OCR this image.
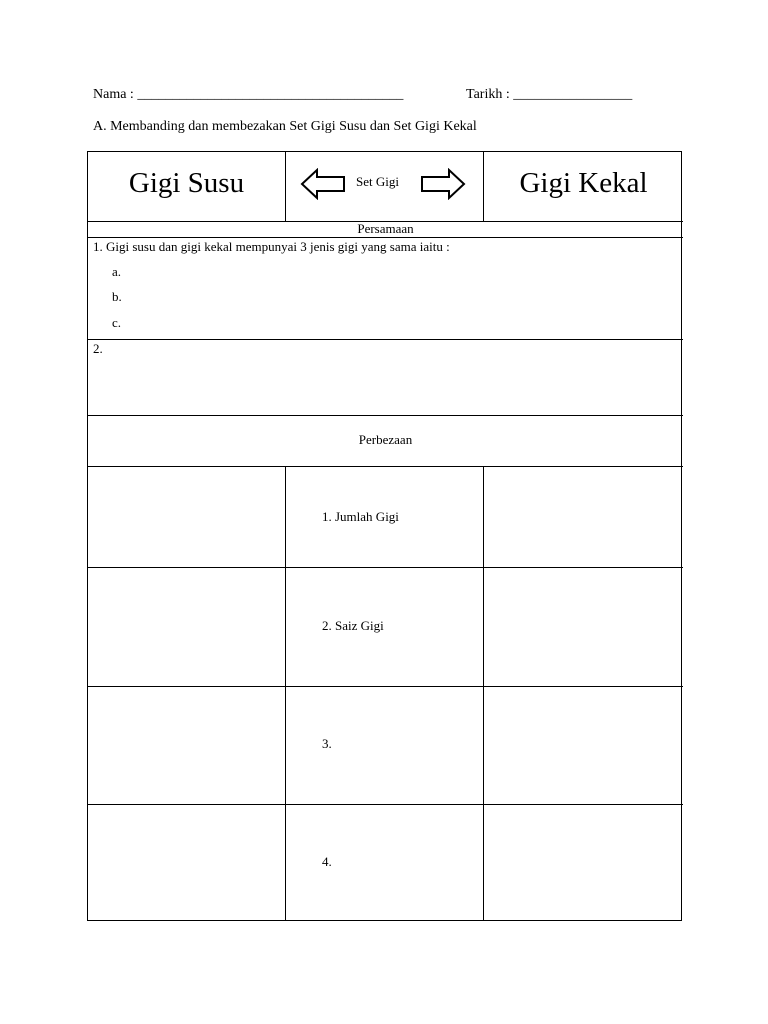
Nama : ______________________________________	Tarikh : _________________
A. Membanding dan membezakan Set Gigi Susu dan Set Gigi Kekal
Gigi Susu	Gigi Kekal
Set Gigi
Persamaan
1. Gigi susu dan gigi kekal mempunyai 3 jenis gigi yang sama iaitu :
a.
b.
c.
2.
Perbezaan
1. Jumlah Gigi
2. Saiz Gigi
3.
4.
